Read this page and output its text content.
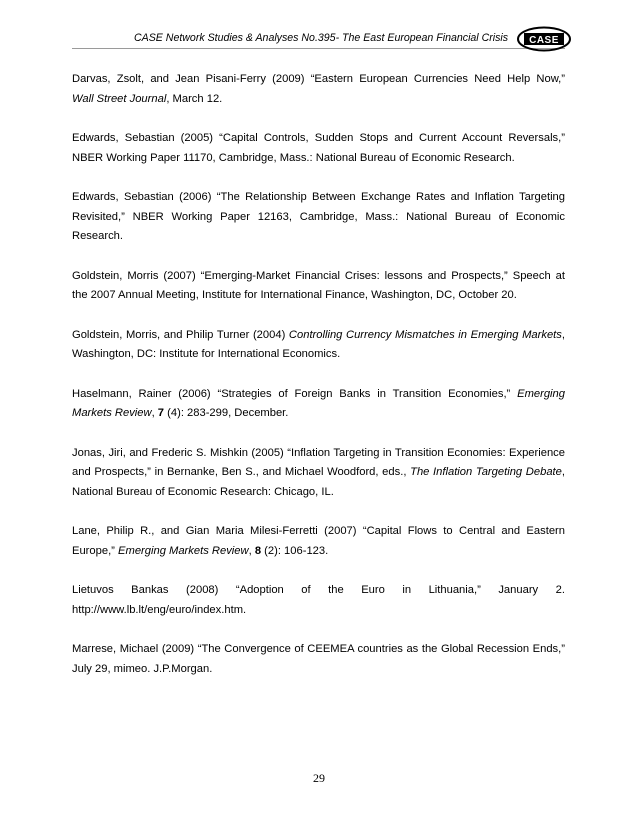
CASE Network Studies & Analyses No.395- The East European Financial Crisis CASE

Darvas, Zsolt, and Jean Pisani-Ferry (2009) “Eastern European Currencies Need Help Now,”
Wall Street Journal, March 12.

Edwards, Sebastian (2005) “Capital Controls, Sudden Stops and Current Account Reversals,” NBER Working Paper 11170, Cambridge, Mass.: National Bureau of Economic Research.

Edwards, Sebastian (2006) “The Relationship Between Exchange Rates and Inflation Targeting Revisited,” NBER Working Paper 12163, Cambridge, Mass.: National Bureau of Economic Research.

Goldstein, Morris (2007) “Emerging-Market Financial Crises: lessons and Prospects,” Speech at the 2007 Annual Meeting, Institute for International Finance, Washington, DC, October 20.

Goldstein, Morris, and Philip Turner (2004) Controlling Currency Mismatches in Emerging Markets, Washington, DC: Institute for International Economics.

Haselmann, Rainer (2006) “Strategies of Foreign Banks in Transition Economies,” Emerging Markets Review, 7 (4): 283-299, December.

Jonas, Jiri, and Frederic S. Mishkin (2005) “Inflation Targeting in Transition Economies: Experience and Prospects,” in Bernanke, Ben S., and Michael Woodford, eds., The Inflation Targeting Debate, National Bureau of Economic Research: Chicago, IL.

Lane, Philip R., and Gian Maria Milesi-Ferretti (2007) “Capital Flows to Central and Eastern Europe,” Emerging Markets Review, 8 (2): 106-123.

Lietuvos Bankas (2008) “Adoption of the Euro in Lithuania,” January 2.
http://www.lb.lt/eng/euro/index.htm.

Marrese, Michael (2009) “The Convergence of CEEMEA countries as the Global Recession Ends,” July 29, mimeo. J.P.Morgan.

29
